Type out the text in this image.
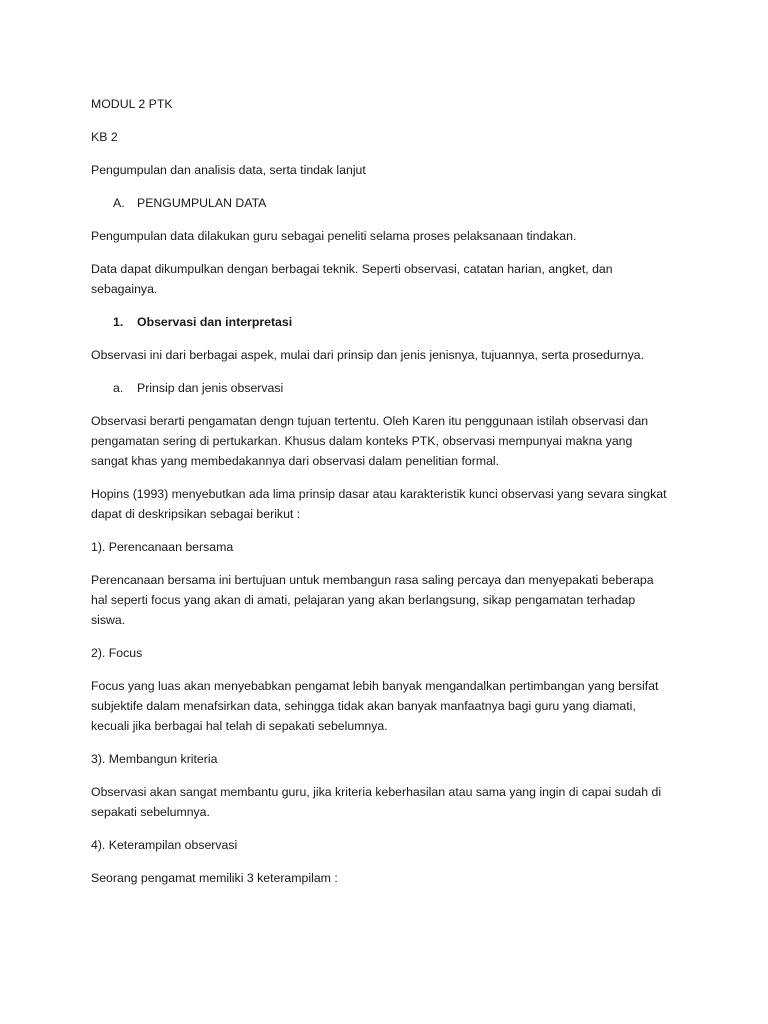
MODUL 2 PTK

KB 2

Pengumpulan dan analisis data, serta tindak lanjut

A.	PENGUMPULAN DATA

Pengumpulan data dilakukan guru sebagai peneliti selama proses pelaksanaan tindakan.

Data dapat dikumpulkan dengan berbagai teknik. Seperti observasi, catatan harian, angket, dan
sebagainya.

1.	Observasi dan interpretasi

Observasi ini dari berbagai aspek, mulai dari prinsip dan jenis jenisnya, tujuannya, serta prosedurnya.

a.	Prinsip dan jenis observasi

Observasi berarti pengamatan dengn tujuan tertentu. Oleh Karen itu penggunaan istilah observasi dan
pengamatan sering di pertukarkan. Khusus dalam konteks PTK, observasi mempunyai makna yang
sangat khas yang membedakannya dari observasi dalam penelitian formal.

Hopins (1993) menyebutkan ada lima prinsip dasar atau karakteristik kunci observasi yang sevara singkat
dapat di deskripsikan sebagai berikut :

1). Perencanaan bersama

Perencanaan bersama ini bertujuan untuk membangun rasa saling percaya dan menyepakati beberapa
hal seperti focus yang akan di amati, pelajaran yang akan berlangsung, sikap pengamatan terhadap
siswa.

2). Focus

Focus yang luas akan menyebabkan pengamat lebih banyak mengandalkan pertimbangan yang bersifat
subjektife dalam menafsirkan data, sehingga tidak akan banyak manfaatnya bagi guru yang diamati,
kecuali jika berbagai hal telah di sepakati sebelumnya.

3). Membangun kriteria

Observasi akan sangat membantu guru, jika kriteria keberhasilan atau sama yang ingin di capai sudah di
sepakati sebelumnya.

4). Keterampilan observasi

Seorang pengamat memiliki 3 keterampilam :
